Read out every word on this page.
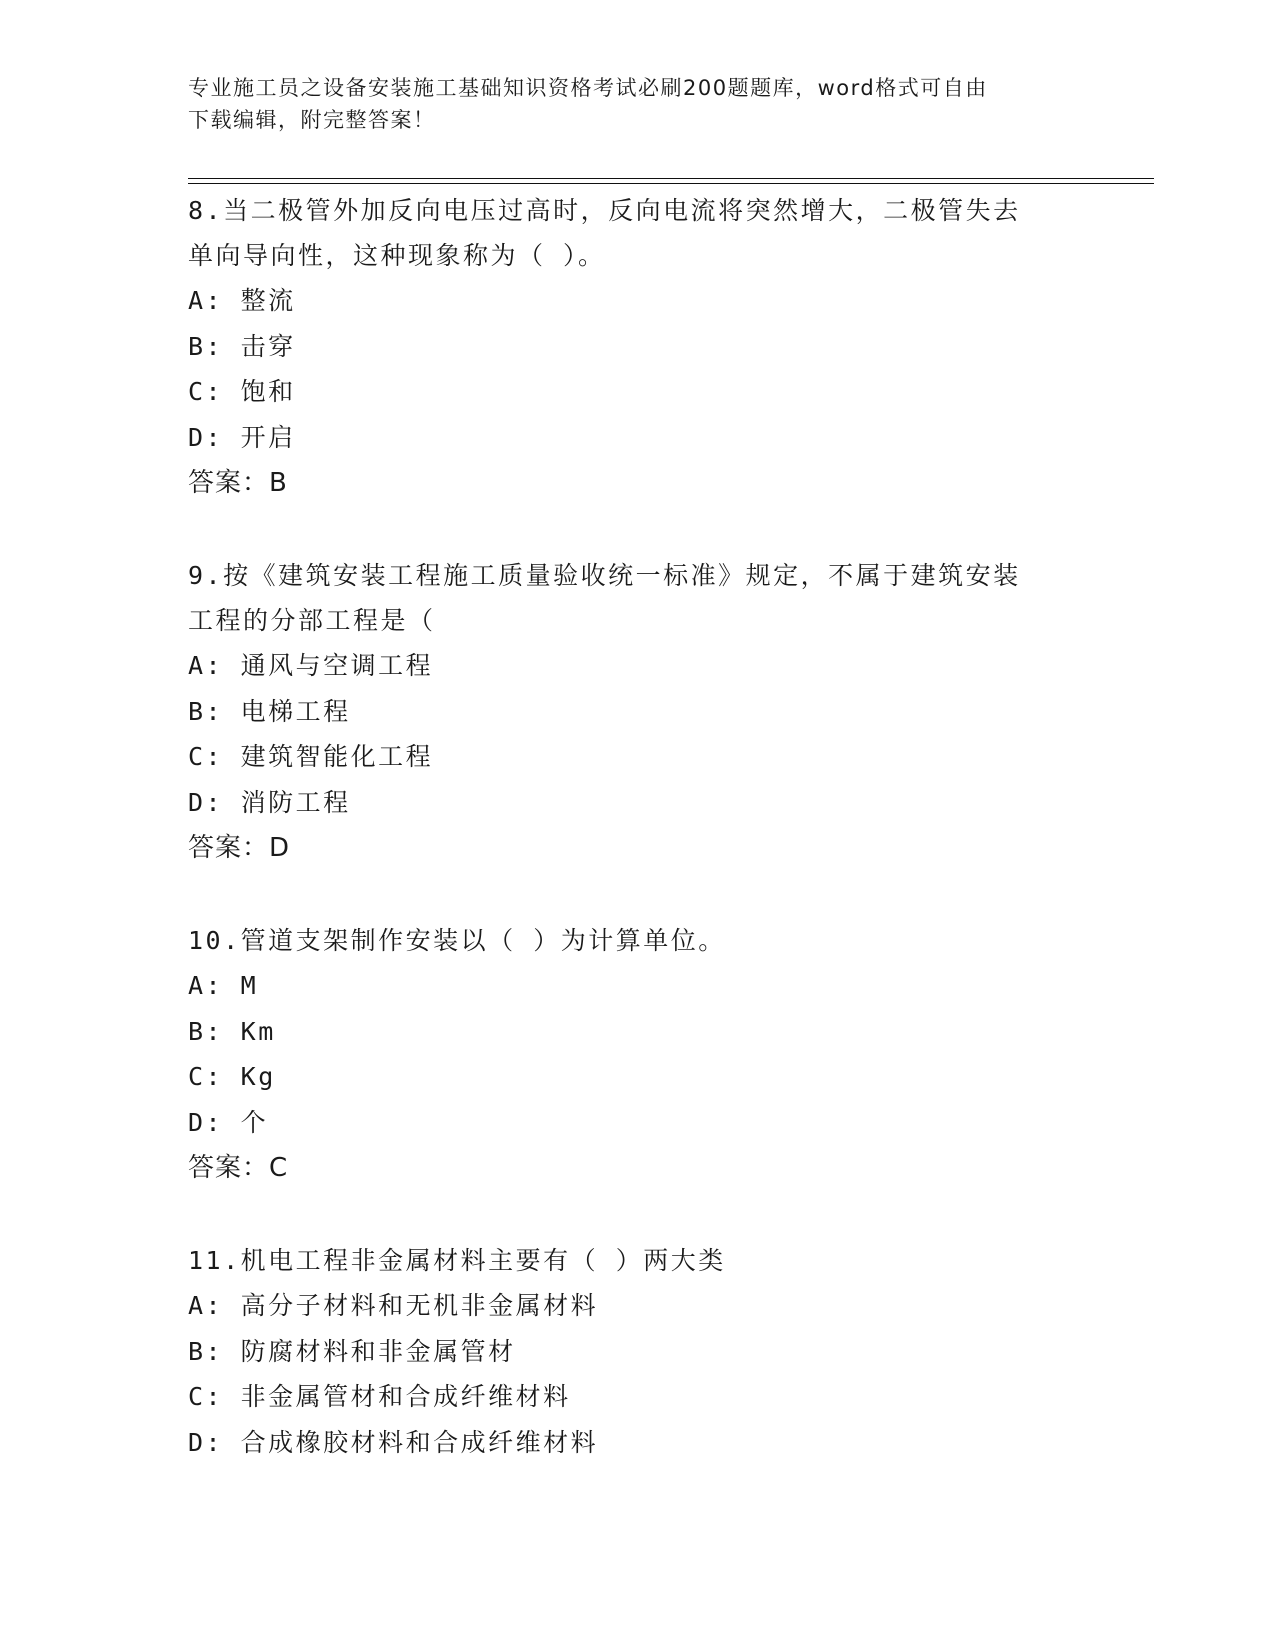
专业施工员之设备安装施工基础知识资格考试必刷200题题库，word格式可自由
下载编辑，附完整答案！

8.当二极管外加反向电压过高时，反向电流将突然增大，二极管失去

单向导向性，这种现象称为（ ）。

A: 整流

B: 击穿

C: 饱和

D: 开启

答案：B

9.按《建筑安装工程施工质量验收统一标准》规定，不属于建筑安装

工程的分部工程是（

A: 通风与空调工程

B: 电梯工程

C: 建筑智能化工程

D: 消防工程

答案：D

10.管道支架制作安装以（ ）为计算单位。

A: M

B: Km

C: Kg

D: 个

答案：C

11.机电工程非金属材料主要有（ ）两大类

A: 高分子材料和无机非金属材料

B: 防腐材料和非金属管材

C: 非金属管材和合成纤维材料

D: 合成橡胶材料和合成纤维材料
